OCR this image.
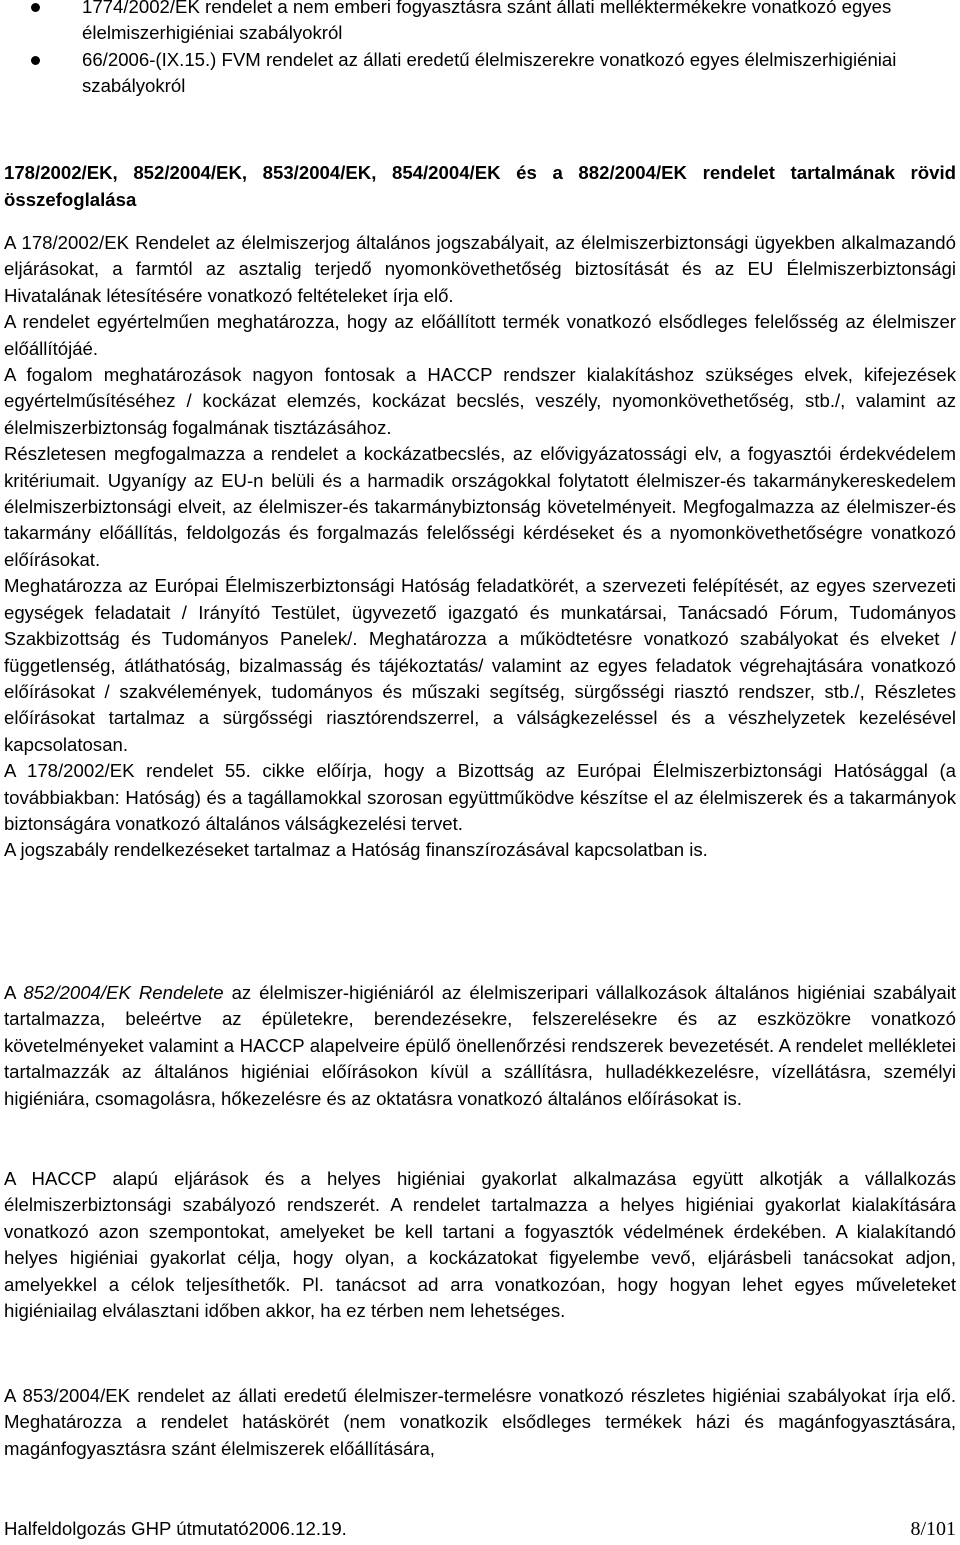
1774/2002/EK rendelet a nem emberi fogyasztásra szánt állati melléktermékekre vonatkozó egyes élelmiszerhigiéniai szabályokról
66/2006-(IX.15.) FVM rendelet az állati eredetű élelmiszerekre vonatkozó egyes élelmiszerhigiéniai szabályokról
178/2002/EK, 852/2004/EK, 853/2004/EK, 854/2004/EK és a 882/2004/EK rendelet tartalmának rövid összefoglalása

A 178/2002/EK Rendelet az élelmiszerjog általános jogszabályait, az élelmiszerbiztonsági ügyekben alkalmazandó eljárásokat, a farmtól az asztalig terjedő nyomonkövethetőség biztosítását és az EU Élelmiszerbiztonsági Hivatalának létesítésére vonatkozó feltételeket írja elő.

A rendelet egyértelműen meghatározza, hogy az előállított termék vonatkozó elsődleges felelősség az élelmiszer előállítójáé.

A fogalom meghatározások nagyon fontosak a HACCP rendszer kialakításhoz szükséges elvek, kifejezések egyértelműsítéséhez / kockázat elemzés, kockázat becslés, veszély, nyomonkövethetőség, stb./, valamint az élelmiszerbiztonság fogalmának tisztázásához.

Részletesen megfogalmazza a rendelet a kockázatbecslés, az elővigyázatossági elv, a fogyasztói érdekvédelem kritériumait. Ugyanígy az EU-n belüli és a harmadik országokkal folytatott élelmiszer-és takarmánykereskedelem élelmiszerbiztonsági elveit, az élelmiszer-és takarmánybiztonság követelményeit. Megfogalmazza az élelmiszer-és takarmány előállítás, feldolgozás és forgalmazás felelősségi kérdéseket és a nyomonkövethetőségre vonatkozó előírásokat.

Meghatározza az Európai Élelmiszerbiztonsági Hatóság feladatkörét, a szervezeti felépítését, az egyes szervezeti egységek feladatait / Irányító Testület, ügyvezető igazgató és munkatársai, Tanácsadó Fórum, Tudományos Szakbizottság és Tudományos Panelek/. Meghatározza a működtetésre vonatkozó szabályokat és elveket / függetlenség, átláthatóság, bizalmasság és tájékoztatás/ valamint az egyes feladatok végrehajtására vonatkozó előírásokat / szakvélemények, tudományos és műszaki segítség, sürgősségi riasztó rendszer, stb./, Részletes előírásokat tartalmaz a sürgősségi riasztórendszerrel, a válságkezeléssel és a vészhelyzetek kezelésével kapcsolatosan.

A 178/2002/EK rendelet 55. cikke előírja, hogy a Bizottság az Európai Élelmiszerbiztonsági Hatósággal (a továbbiakban: Hatóság) és a tagállamokkal szorosan együttműködve készítse el az élelmiszerek és a takarmányok biztonságára vonatkozó általános válságkezelési tervet.

A jogszabály rendelkezéseket tartalmaz a Hatóság finanszírozásával kapcsolatban is.

A 852/2004/EK Rendelete az élelmiszer-higiéniáról az élelmiszeripari vállalkozások általános higiéniai szabályait tartalmazza, beleértve az épületekre, berendezésekre, felszerelésekre és az eszközökre vonatkozó követelményeket valamint a HACCP alapelveire épülő önellenőrzési rendszerek bevezetését. A rendelet mellékletei tartalmazzák az általános higiéniai előírásokon kívül a szállításra, hulladékkezelésre, vízellátásra, személyi higiéniára, csomagolásra, hőkezelésre és az oktatásra vonatkozó általános előírásokat is.

A HACCP alapú eljárások és a helyes higiéniai gyakorlat alkalmazása együtt alkotják a vállalkozás élelmiszerbiztonsági szabályozó rendszerét. A rendelet tartalmazza a helyes higiéniai gyakorlat kialakítására vonatkozó azon szempontokat, amelyeket be kell tartani a fogyasztók védelmének érdekében. A kialakítandó helyes higiéniai gyakorlat célja, hogy olyan, a kockázatokat figyelembe vevő, eljárásbeli tanácsokat adjon, amelyekkel a célok teljesíthetők. Pl. tanácsot ad arra vonatkozóan, hogy hogyan lehet egyes műveleteket higiéniailag elválasztani időben akkor, ha ez térben nem lehetséges.

A 853/2004/EK rendelet az állati eredetű élelmiszer-termelésre vonatkozó részletes higiéniai szabályokat írja elő. Meghatározza a rendelet hatáskörét (nem vonatkozik elsődleges termékek házi és magánfogyasztására, magánfogyasztásra szánt élelmiszerek előállítására,

Halfeldolgozás GHP útmutató2006.12.19.	8/101
